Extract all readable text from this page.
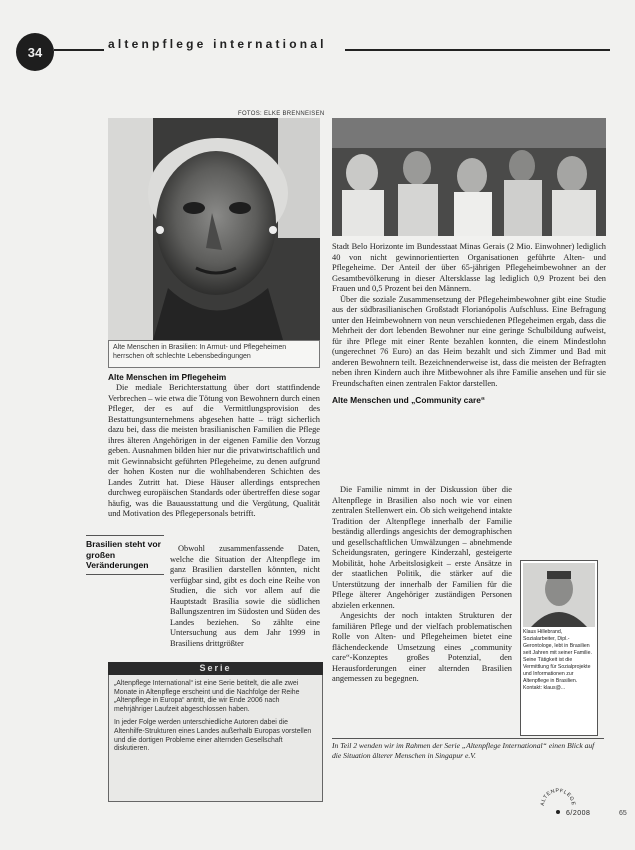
34
altenpflege international
FOTOS: ELKE BRENNEISEN
Alte Menschen in Brasilien: In Armut- und Pflegeheimen herrschen oft schlechte Lebensbedingungen

Alte Menschen im Pflegeheim

Die mediale Berichterstattung über dort stattfindende Verbrechen – wie etwa die Tötung von Bewohnern durch einen Pfleger, der es auf die Vermittlungsprovision des Bestattungsunternehmens abgesehen hatte – trägt sicherlich dazu bei, dass die meisten brasilianischen Familien die Pflege ihres älteren Angehörigen in der eigenen Familie den Vorzug geben. Ausnahmen bilden hier nur die privatwirtschaftlich und mit Gewinnabsicht geführten Pflegeheime, zu denen aufgrund der hohen Kosten nur die wohlhabenderen Schichten des Landes Zutritt hat. Diese Häuser allerdings entsprechen durchweg europäischen Standards oder übertreffen diese sogar häufig, was die Bauausstattung und die Vergütung, Qualität und Motivation des Pflegepersonals betrifft.

Obwohl zusammenfassende Daten, welche die Situation der Altenpflege im ganz Brasilien darstellen könnten, nicht verfügbar sind, gibt es doch eine Reihe von Studien, die sich vor allem auf die Hauptstadt Brasília sowie die südlichen Ballungszentren im Südosten und Süden des Landes beziehen. So zählte eine Untersuchung aus dem Jahr 1999 in Brasiliens drittgrößter

Brasilien steht vor großen Veränderungen
Serie

„Altenpflege International“ ist eine Serie betitelt, die alle zwei Monate in Altenpflege erscheint und die Nachfolge der Reihe „Altenpflege in Europa“ antritt, die wir Ende 2006 nach mehrjähriger Laufzeit abgeschlossen haben.

In jeder Folge werden unterschiedliche Autoren dabei die Altenhilfe-Strukturen eines Landes außerhalb Europas vorstellen und die dortigen Probleme einer alternden Gesellschaft diskutieren.

Stadt Belo Horizonte im Bundesstaat Minas Gerais (2 Mio. Einwohner) lediglich 40 von nicht gewinnorientierten Organisationen geführte Alten- und Pflegeheime. Der Anteil der über 65-jährigen Pflegeheimbewohner an der Gesamtbevölkerung in dieser Altersklasse lag lediglich 0,9 Prozent bei den Frauen und 0,5 Prozent bei den Männern.

Über die soziale Zusammensetzung der Pflegeheimbewohner gibt eine Studie aus der südbrasilianischen Großstadt Florianópolis Aufschluss. Eine Befragung unter den Heimbewohnern von neun verschiedenen Pflegeheimen ergab, dass die Mehrheit der dort lebenden Bewohner nur eine geringe Schulbildung aufweist, für ihre Pflege mit einer Rente bezahlen konnten, die einem Mindestlohn (ungerechnet 76 Euro) an das Heim bezahlt und sich Zimmer und Bad mit anderen Bewohnern teilt. Bezeichnenderweise ist, dass die meisten der Befragten neben ihren Kindern auch ihre Mitbewohner als ihre Familie ansehen und für sie Freundschaften einen zentralen Faktor darstellen.

Alte Menschen und „Community care“

Die Familie nimmt in der Diskussion über die Altenpflege in Brasilien also noch wie vor einen zentralen Stellenwert ein. Ob sich weitgehend intakte Tradition der Altenpflege innerhalb der Familie beständig allerdings angesichts der demographischen und gesellschaftlichen Umwälzungen – abnehmende Scheidungsraten, geringere Kinderzahl, gesteigerte Mobilität, hohe Arbeitslosigkeit – erste Ansätze in der staatlichen Politik, die stärker auf die Unterstützung der innerhalb der Familien für die Pflege älterer Angehöriger zuständigen Personen abzielen erkennen.

Angesichts der noch intakten Strukturen der familiären Pflege und der vielfach problematischen Rolle von Alten- und Pflegeheimen bietet eine flächendeckende Umsetzung eines „community care“-Konzeptes großes Potenzial, den Herausforderungen einer alternden Brasilien angemessen zu begegnen.

Klaus Hillebrand, Sozialarbeiter, Dipl.-Gerontologe, lebt in Brasilien seit Jahren mit seiner Familie. Seine Tätigkeit ist die Vermittlung für Sozialprojekte und Informationen zur Altenpflege in Brasilien. Kontakt: klaus@...
In Teil 2 wenden wir im Rahmen der Serie „Altenpflege International“ einen Blick auf die Situation älterer Menschen in Singapur e.V.
ALTENPFLEGE
6/2008	65
